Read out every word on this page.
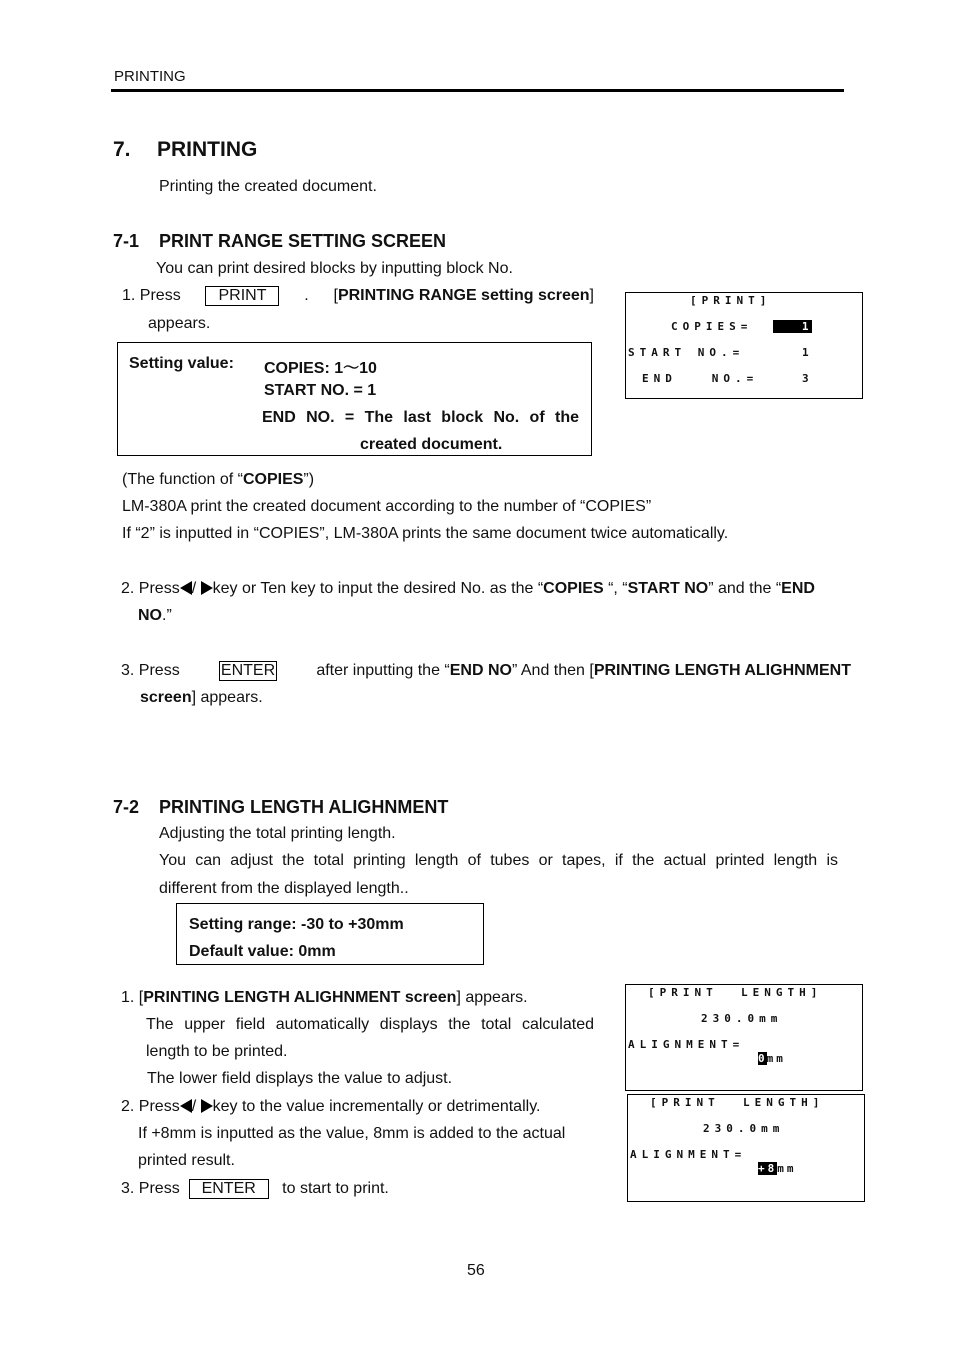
PRINTING
7. PRINTING
Printing the created document.
7-1 PRINT RANGE SETTING SCREEN
You can print desired blocks by inputting block No.
1. Press	PRINT	. [PRINTING RANGE setting screen]
appears.
Setting value: COPIES: 1〜10
START NO. = 1
END NO. = The last block No. of the
created document.
[PRINT]
COPIES= 1
START NO.=	1
END   NO.=	3
(The function of “COPIES”)
LM-380A print the created document according to the number of “COPIES”
If “2” is inputted in “COPIES”, LM-380A prints the same document twice automatically.
2. Press / key or Ten key to input the desired No. as the “COPIES “, “START NO” and the “END
NO.”
3. Press	ENTER	after inputting the “END NO” And then [PRINTING LENGTH ALIGHNMENT
screen] appears.
7-2 PRINTING LENGTH ALIGHNMENT
Adjusting the total printing length.
You can adjust the total printing length of tubes or tapes, if the actual printed length is
different from the displayed length..
Setting range: -30 to +30mm
Default value: 0mm
1. [PRINTING LENGTH ALIGHNMENT screen] appears.
The upper field automatically displays the total calculated
length to be printed.
The lower field displays the value to adjust.
2. Press / key to the value incrementally or detrimentally.
If +8mm is inputted as the value, 8mm is added to the actual
printed result.
3. Press ENTER to start to print.
[PRINT  LENGTH]
230.0mm
ALIGNMENT=
0mm
[PRINT  LENGTH]
230.0mm
ALIGNMENT=
+8mm
56
